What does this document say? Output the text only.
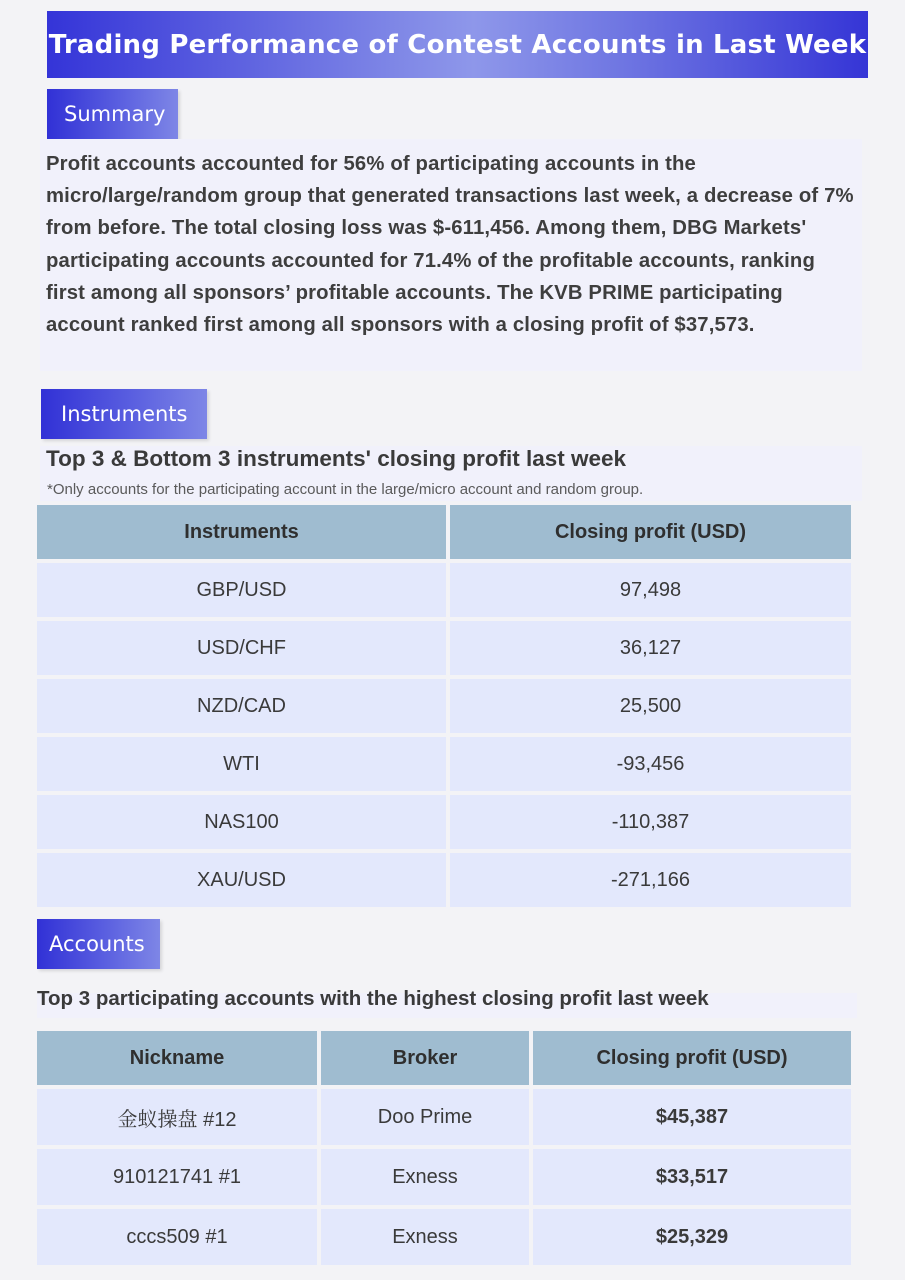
Trading Performance of Contest Accounts in Last Week
Summary
Profit accounts accounted for 56% of participating accounts in the micro/large/random group that generated transactions last week, a decrease of 7% from before. The total closing loss was $-611,456. Among them, DBG Markets' participating accounts accounted for 71.4% of the profitable accounts, ranking first among all sponsors’ profitable accounts. The KVB PRIME participating account ranked first among all sponsors with a closing profit of $37,573.
Instruments
Top 3 & Bottom 3 instruments' closing profit last week
*Only accounts for the participating account in the large/micro account and random group.
Instruments	Closing profit (USD)
GBP/USD	97,498
USD/CHF	36,127
NZD/CAD	25,500
WTI	-93,456
NAS100	-110,387
XAU/USD	-271,166
Accounts
Top 3 participating accounts with the highest closing profit last week
Nickname	Broker	Closing profit (USD)
金蚁操盘 #12	Doo Prime	$45,387
910121741 #1	Exness	$33,517
cccs509 #1	Exness	$25,329
